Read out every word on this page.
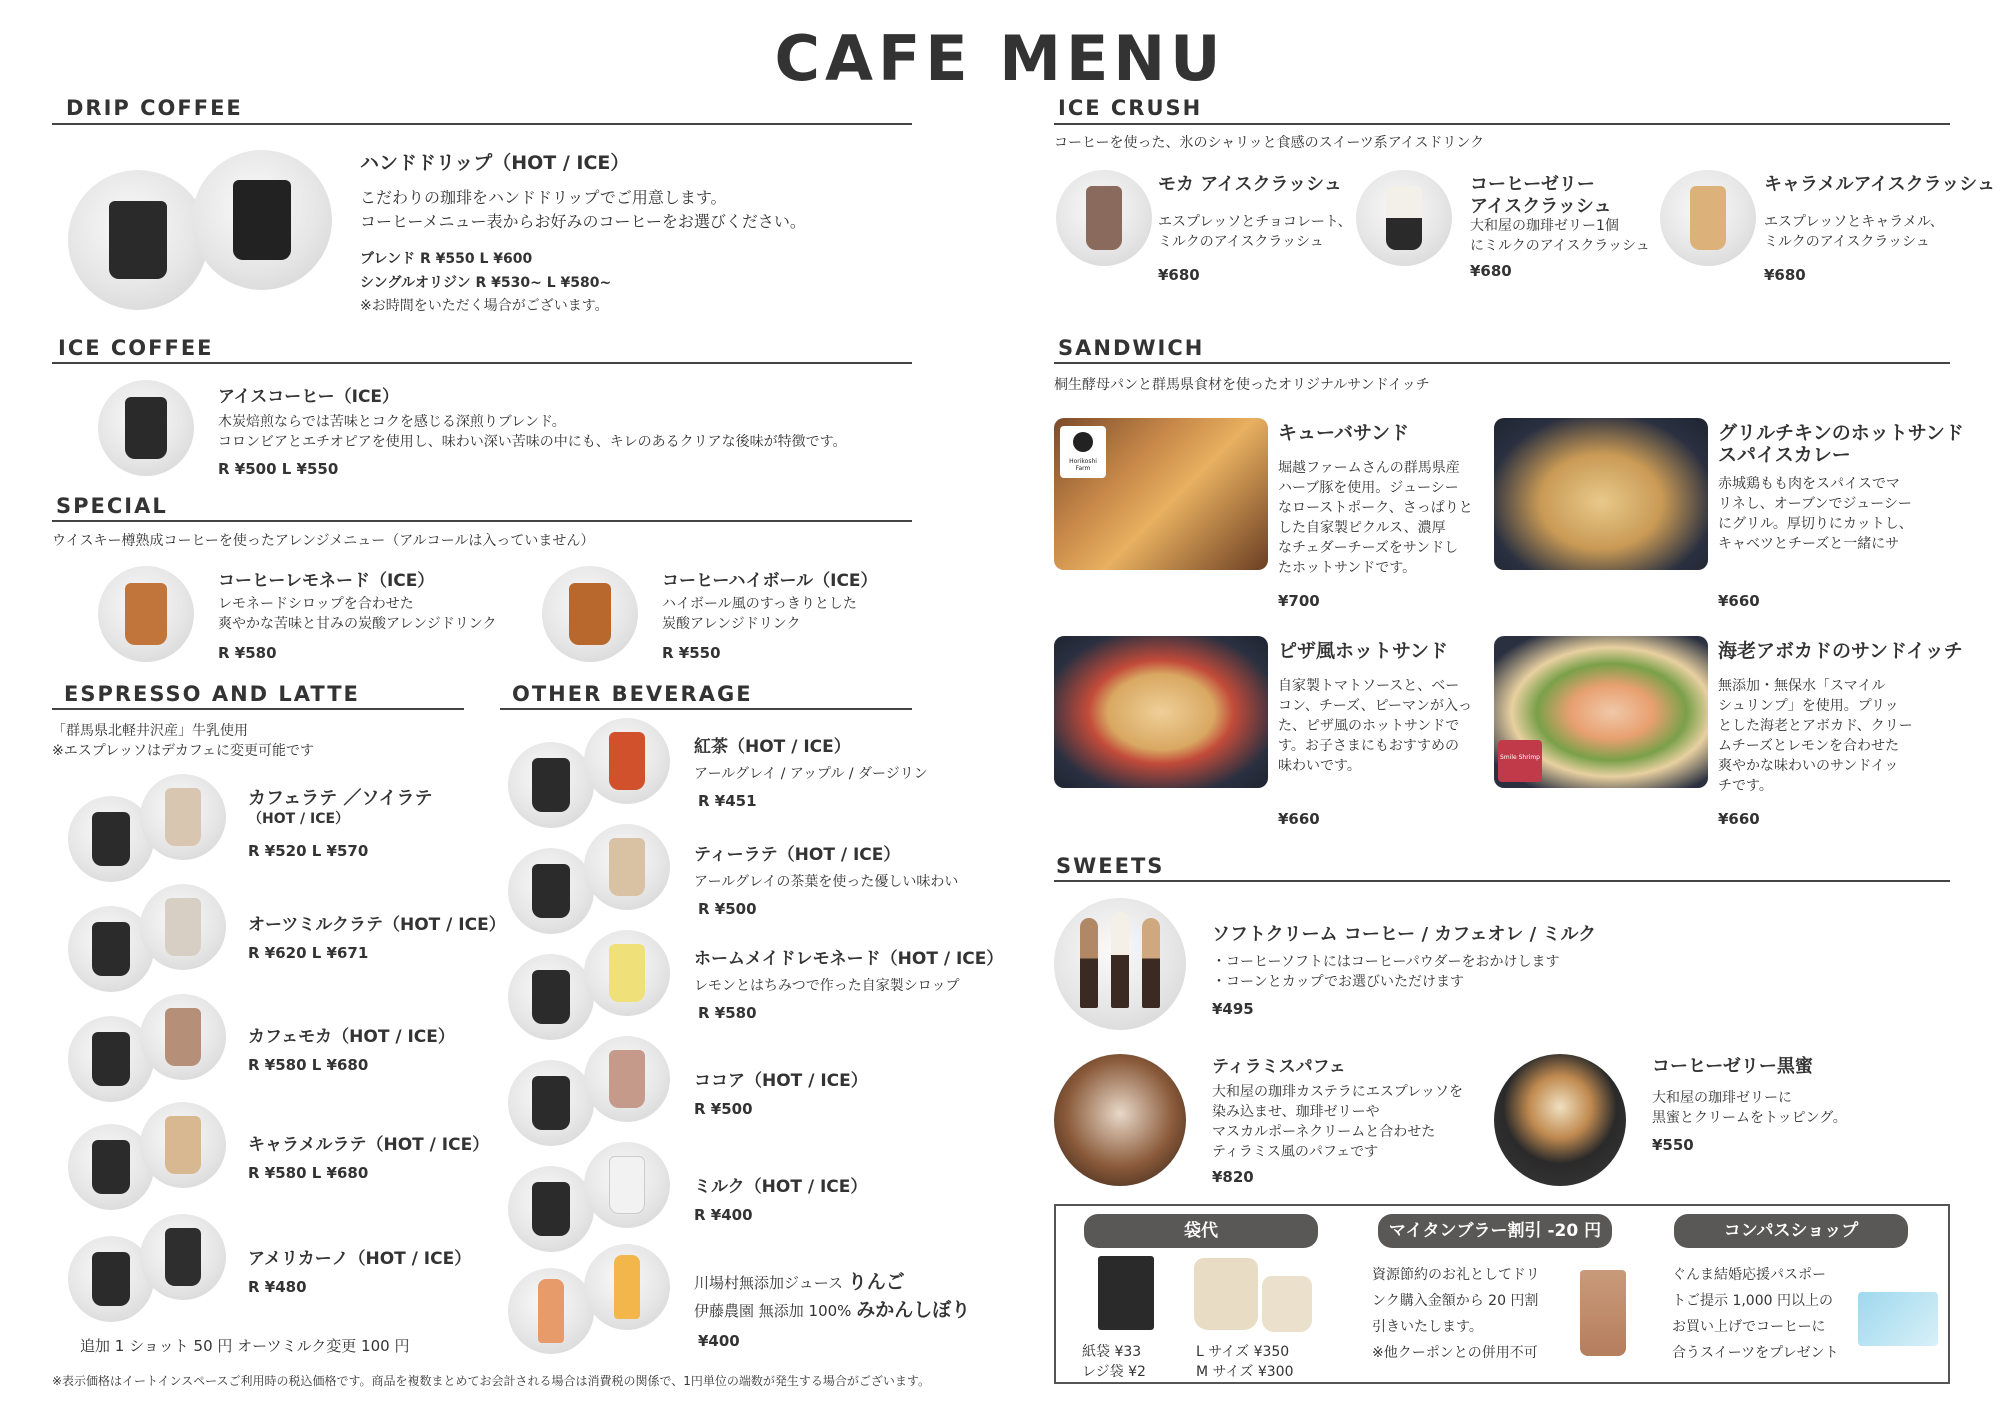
CAFE MENU
DRIP COFFEE
ハンドドリップ（HOT / ICE）
こだわりの珈琲をハンドドリップでご用意します。
コーヒーメニュー表からお好みのコーヒーをお選びください。
ブレンド R ¥550 L ¥600
シングルオリジン R ¥530~ L ¥580~
※お時間をいただく場合がございます。
ICE COFFEE
アイスコーヒー（ICE）
木炭焙煎ならでは苦味とコクを感じる深煎りブレンド。
コロンビアとエチオピアを使用し、味わい深い苦味の中にも、キレのあるクリアな後味が特徴です。
R ¥500 L ¥550
SPECIAL
ウイスキー樽熟成コーヒーを使ったアレンジメニュー（アルコールは入っていません）
コーヒーレモネード（ICE）
レモネードシロップを合わせた
爽やかな苦味と甘みの炭酸アレンジドリンク
R ¥580
コーヒーハイボール（ICE）
ハイボール風のすっきりとした
炭酸アレンジドリンク
R ¥550
ESPRESSO AND LATTE
「群馬県北軽井沢産」牛乳使用
※エスプレッソはデカフェに変更可能です
カフェラテ ／ソイラテ
（HOT / ICE）
R ¥520 L ¥570
オーツミルクラテ（HOT / ICE）
R ¥620 L ¥671
カフェモカ（HOT / ICE）
R ¥580 L ¥680
キャラメルラテ（HOT / ICE）
R ¥580 L ¥680
アメリカーノ（HOT / ICE）
R ¥480
追加 1 ショット 50 円 オーツミルク変更 100 円
OTHER BEVERAGE
紅茶（HOT / ICE）
アールグレイ / アップル / ダージリン
R ¥451
ティーラテ（HOT / ICE）
アールグレイの茶葉を使った優しい味わい
R ¥500
ホームメイドレモネード（HOT / ICE）
レモンとはちみつで作った自家製シロップ
R ¥580
ココア（HOT / ICE）
R ¥500
ミルク（HOT / ICE）
R ¥400
川場村無添加ジュース りんご
伊藤農園 無添加 100% みかんしぼり
¥400
※表示価格はイートインスペースご利用時の税込価格です。商品を複数まとめてお会計される場合は消費税の関係で、1円単位の端数が発生する場合がございます。
ICE CRUSH
コーヒーを使った、氷のシャリッと食感のスイーツ系アイスドリンク
モカ アイスクラッシュ
エスプレッソとチョコレート、
ミルクのアイスクラッシュ
¥680
コーヒーゼリー
アイスクラッシュ
大和屋の珈琲ゼリー1個
にミルクのアイスクラッシュ
¥680
キャラメルアイスクラッシュ
エスプレッソとキャラメル、
ミルクのアイスクラッシュ
¥680
SANDWICH
桐生酵母パンと群馬県食材を使ったオリジナルサンドイッチ
Horikoshi Farm
キューバサンド
堀越ファームさんの群馬県産
ハーブ豚を使用。ジューシー
なローストポーク、さっぱりと
した自家製ピクルス、濃厚
なチェダーチーズをサンドし
たホットサンドです。
¥700
グリルチキンのホットサンド
スパイスカレー
赤城鶏もも肉をスパイスでマ
リネし、オーブンでジューシー
にグリル。厚切りにカットし、
キャベツとチーズと一緒にサ
¥660
ピザ風ホットサンド
自家製トマトソースと、ベー
コン、チーズ、ピーマンが入っ
た、ピザ風のホットサンドで
す。お子さまにもおすすめの
味わいです。
¥660
Smile Shrimp
海老アボカドのサンドイッチ
無添加・無保水「スマイル
シュリンプ」を使用。プリッ
とした海老とアボカド、クリー
ムチーズとレモンを合わせた
爽やかな味わいのサンドイッ
チです。
¥660
SWEETS
ソフトクリーム コーヒー / カフェオレ / ミルク
・コーヒーソフトにはコーヒーパウダーをおかけします
・コーンとカップでお選びいただけます
¥495
ティラミスパフェ
大和屋の珈琲カステラにエスプレッソを
染み込ませ、珈琲ゼリーや
マスカルポーネクリームと合わせた
ティラミス風のパフェです
¥820
コーヒーゼリー黒蜜
大和屋の珈琲ゼリーに
黒蜜とクリームをトッピング。
¥550
袋代
紙袋 ¥33
レジ袋 ¥2
L サイズ ¥350
M サイズ ¥300
マイタンブラー割引 -20 円
資源節約のお礼としてドリ
ンク購入金額から 20 円割
引きいたします。
※他クーポンとの併用不可
コンパスショップ
ぐんま結婚応援パスポー
トご提示 1,000 円以上の
お買い上げでコーヒーに
合うスイーツをプレゼント
